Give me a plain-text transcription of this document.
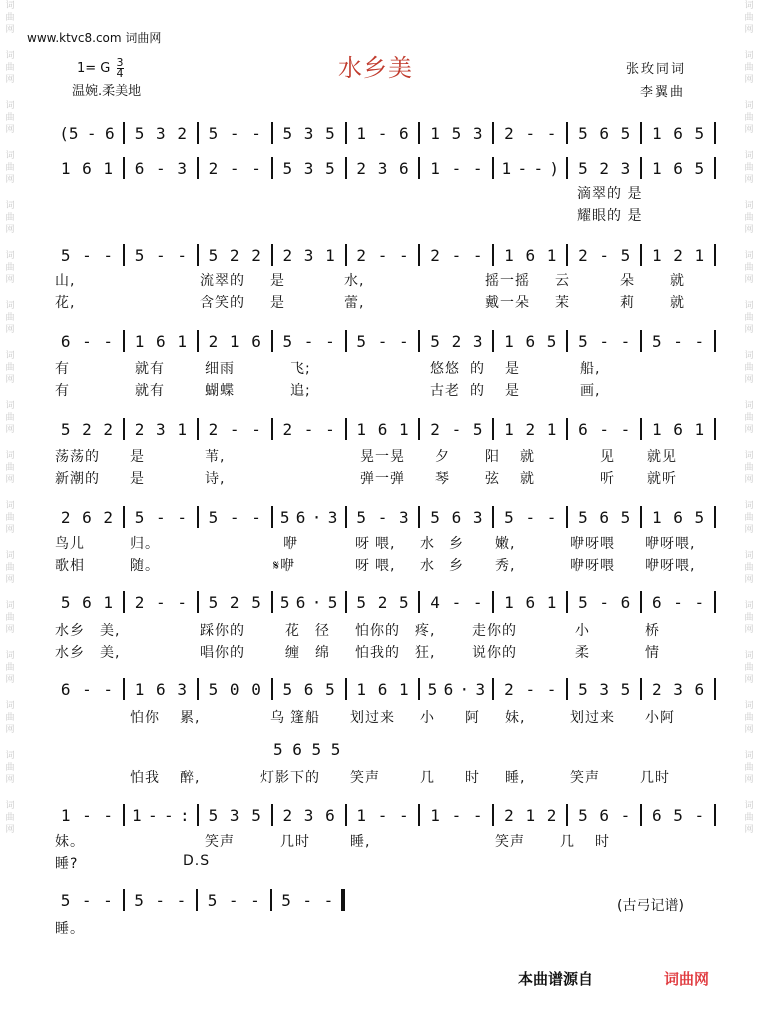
词
曲
网
词
曲
网
词
曲
网
词
曲
网
词
曲
网
词
曲
网
词
曲
网
词
曲
网
词
曲
网
词
曲
网
词
曲
网
词
曲
网
词
曲
网
词
曲
网
词
曲
网
词
曲
网
词
曲
网
词
曲
网
词
曲
网
词
曲
网
词
曲
网
词
曲
网
词
曲
网
词
曲
网
词
曲
网
词
曲
网
词
曲
网
词
曲
网
词
曲
网
词
曲
网
词
曲
网
词
曲
网
词
曲
网
词
曲
网
www.ktvc8.com 词曲网
水乡美
1= G $\frac{3}{4}$
温婉.柔美地
张玫同词
李翼曲
(5 - 6 5 3 2 5 - - 5 3 5 1 - 6 1 5 3 2 - - 5 6 5 1 6 5
1 6 1 6 - 3 2 - - 5 3 5 2 3 6 1 - - 1 - - ) 5 2 3 1 6 5
5 - - 5 - - 5 2 2 2 3 1 2 - - 2 - - 1 6 1 2 - 5 1 2 1
6 - - 1 6 1 2 1 6 5 - - 5 - - 5 2 3 1 6 5 5 - - 5 - -
5 2 2 2 3 1 2 - - 2 - - 1 6 1 2 - 5 1 2 1 6 - - 1 6 1
2 6 2 5 - - 5 - - 5 6 · 3 5 - 3 5 6 3 5 - - 5 6 5 1 6 5
5 6 1 2 - - 5 2 5 5 6 · 5 5 2 5 4 - - 1 6 1 5 - 6 6 - -
6 - - 1 6 3 5 0 0 5 6 5 1 6 1 5 6 · 3 2 - - 5 3 5 2 3 6
1 - - 1 - - : 5 3 5 2 3 6 1 - - 1 - - 2 1 2 5 6 - 6 5 -
5 - - 5 - - 5 - - 5 - -
滴翠的 是
耀眼的 是
山,	流翠的 是	水,	摇一摇 云	朵	就
花,	含笑的 是	蕾,	戴一朵 茉	莉	就
有	就有	细雨	飞;	悠悠 的 是	船,
有	就有	蝴蝶	追;	古老 的 是	画,
荡荡的 是	苇,	晃一晃 夕	阳 就	见 就见
新潮的 是	诗,	弹一弹 琴	弦 就	听 就听
鸟儿	归。	咿	呀 喂, 水 乡 嫩,	咿呀喂 咿呀喂,
歌相	随。	𝄋咿	呀 喂, 水 乡 秀,	咿呀喂 咿呀喂,
水乡 美,	踩你的	花 径 怕你的 疼,	走你的	小	桥
水乡 美,	唱你的	缠 绵 怕我的 狂,	说你的	柔	情
怕你 累,	乌 篷船 划过来 小 阿 妹,	划过来 小阿
怕我 醉,	灯影下的 笑声	几 时 睡,	笑声	几时
妹。	笑声	几时	睡,	笑声	几 时
睡?	D.S
睡。
5 6 5 5
(古弓记谱)
本曲谱源自	词曲网
